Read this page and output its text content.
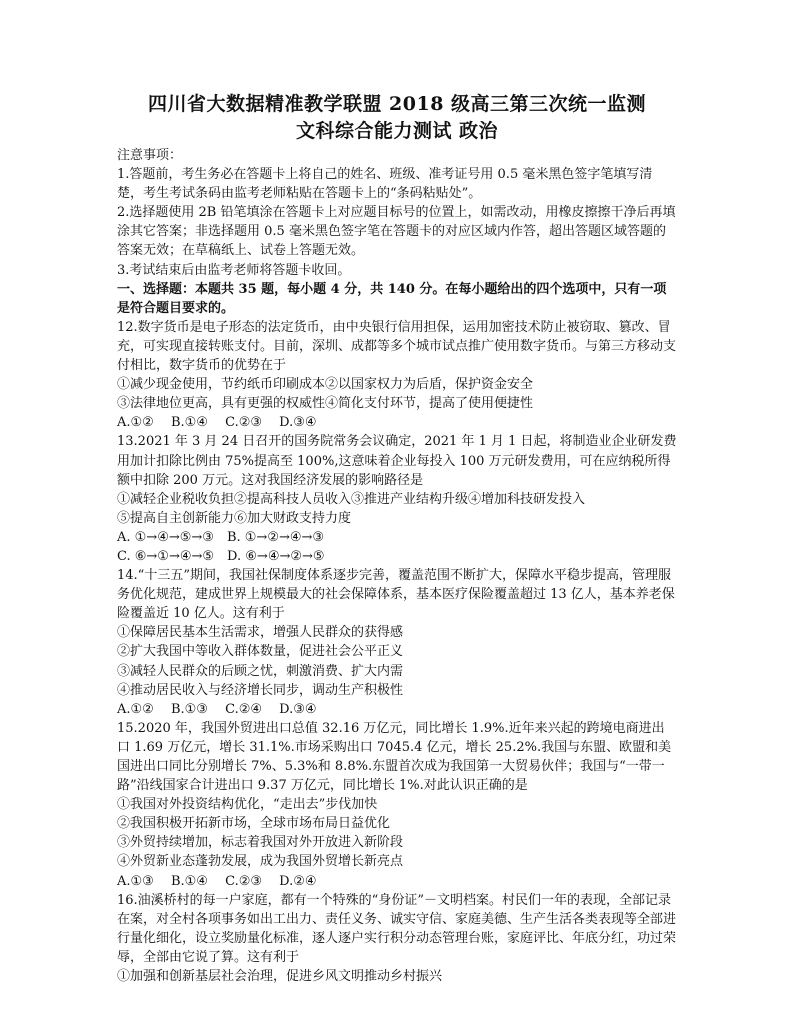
四川省大数据精准教学联盟 2018 级高三第三次统一监测
文科综合能力测试 政治

注意事项：

1.答题前，考生务必在答题卡上将自己的姓名、班级、准考证号用 0.5 毫米黑色签字笔填写清楚，考生考试条码由监考老师粘贴在答题卡上的“条码粘贴处”。

2.选择题使用 2B 铅笔填涂在答题卡上对应题目标号的位置上，如需改动，用橡皮擦擦干净后再填涂其它答案；非选择题用 0.5 毫米黑色签字笔在答题卡的对应区域内作答，超出答题区域答题的答案无效；在草稿纸上、试卷上答题无效。

3.考试结束后由监考老师将答题卡收回。

一、选择题：本题共 35 题，每小题 4 分，共 140 分。在每小题给出的四个选项中，只有一项是符合题目要求的。

12.数字货币是电子形态的法定货币，由中央银行信用担保，运用加密技术防止被窃取、篡改、冒充，可实现直接转账支付。目前，深圳、成都等多个城市试点推广使用数字货币。与第三方移动支付相比，数字货币的优势在于

①减少现金使用，节约纸币印刷成本②以国家权力为后盾，保护资金安全

③法律地位更高，具有更强的权威性④简化支付环节，提高了使用便捷性

A.①②　 B.①④　 C.②③　 D.③④

13.2021 年 3 月 24 日召开的国务院常务会议确定，2021 年 1 月 1 日起，将制造业企业研发费用加计扣除比例由 75%提高至 100%,这意味着企业每投入 100 万元研发费用，可在应纳税所得额中扣除 200 万元。这对我国经济发展的影响路径是

①减轻企业税收负担②提高科技人员收入③推进产业结构升级④增加科技研发投入

⑤提高自主创新能力⑥加大财政支持力度

A. ①→④→⑤→③　B. ①→②→④→③

C. ⑥→①→④→⑤　D. ⑥→④→②→⑤

14.“十三五”期间，我国社保制度体系逐步完善，覆盖范围不断扩大，保障水平稳步提高，管理服务优化规范，建成世界上规模最大的社会保障体系，基本医疗保险覆盖超过 13 亿人，基本养老保险覆盖近 10 亿人。这有利于

①保障居民基本生活需求，增强人民群众的获得感

②扩大我国中等收入群体数量，促进社会公平正义

③减轻人民群众的后顾之忧，刺激消费、扩大内需

④推动居民收入与经济增长同步，调动生产积极性

A.①②　 B.①③　 C.②④　 D.③④

15.2020 年，我国外贸进出口总值 32.16 万亿元，同比增长 1.9%.近年来兴起的跨境电商进出口 1.69 万亿元，增长 31.1%.市场采购出口 7045.4 亿元，增长 25.2%.我国与东盟、欧盟和美国进出口同比分别增长 7%、5.3%和 8.8%.东盟首次成为我国第一大贸易伙伴；我国与“一带一路”沿线国家合计进出口 9.37 万亿元，同比增长 1%.对此认识正确的是

①我国对外投资结构优化，“走出去”步伐加快

②我国积极开拓新市场，全球市场布局日益优化

③外贸持续增加，标志着我国对外开放进入新阶段

④外贸新业态蓬勃发展，成为我国外贸增长新亮点

A.①③　 B.①④　 C.②③　 D.②④

16.油溪桥村的每一户家庭，都有一个特殊的“身份证”－文明档案。村民们一年的表现，全部记录在案，对全村各项事务如出工出力、责任义务、诚实守信、家庭美德、生产生活各类表现等全部进行量化细化，设立奖励量化标准，逐人逐户实行积分动态管理台账，家庭评比、年底分红，功过荣辱，全部由它说了算。这有利于

①加强和创新基层社会治理，促进乡风文明推动乡村振兴
